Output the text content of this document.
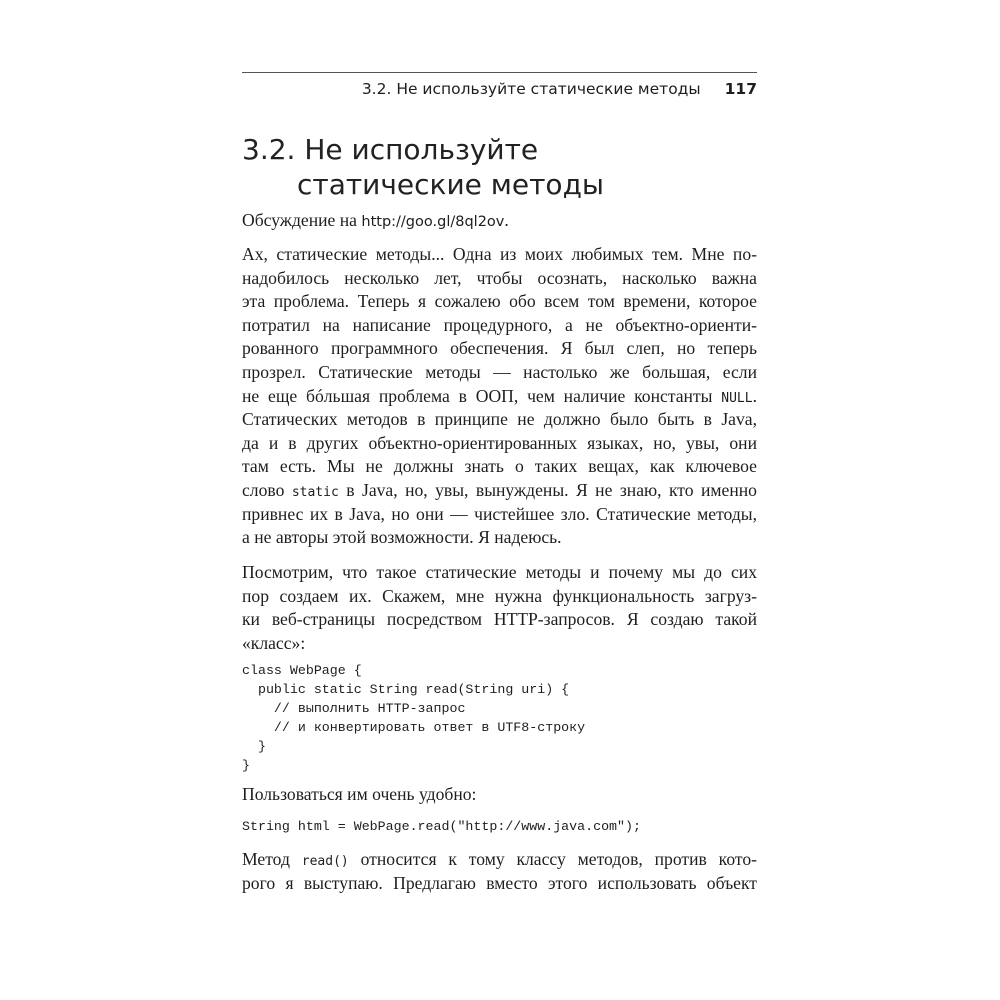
3.2. Не используйте статические методы 117
3.2. Не используйте
статические методы
Обсуждение на http://goo.gl/8ql2ov.
Ах, статические методы... Одна из моих любимых тем. Мне по-
надобилось несколько лет, чтобы осознать, насколько важна
эта проблема. Теперь я сожалею обо всем том времени, которое
потратил на написание процедурного, а не объектно-ориенти-
рованного программного обеспечения. Я был слеп, но теперь
прозрел. Статические методы — настолько же большая, если
не еще бóльшая проблема в ООП, чем наличие константы NULL.
Статических методов в принципе не должно было быть в Java,
да и в других объектно-ориентированных языках, но, увы, они
там есть. Мы не должны знать о таких вещах, как ключевое
слово static в Java, но, увы, вынуждены. Я не знаю, кто именно
привнес их в Java, но они — чистейшее зло. Статические методы,
а не авторы этой возможности. Я надеюсь.
Посмотрим, что такое статические методы и почему мы до сих
пор создаем их. Скажем, мне нужна функциональность загруз-
ки веб-страницы посредством HTTP-запросов. Я создаю такой
«класс»:
class WebPage {
public static String read(String uri) {
// выполнить HTTP-запрос
// и конвертировать ответ в UTF8-строку
}
}
Пользоваться им очень удобно:
String html = WebPage.read("http://www.java.com");
Метод read() относится к тому классу методов, против кото-
рого я выступаю. Предлагаю вместо этого использовать объект
